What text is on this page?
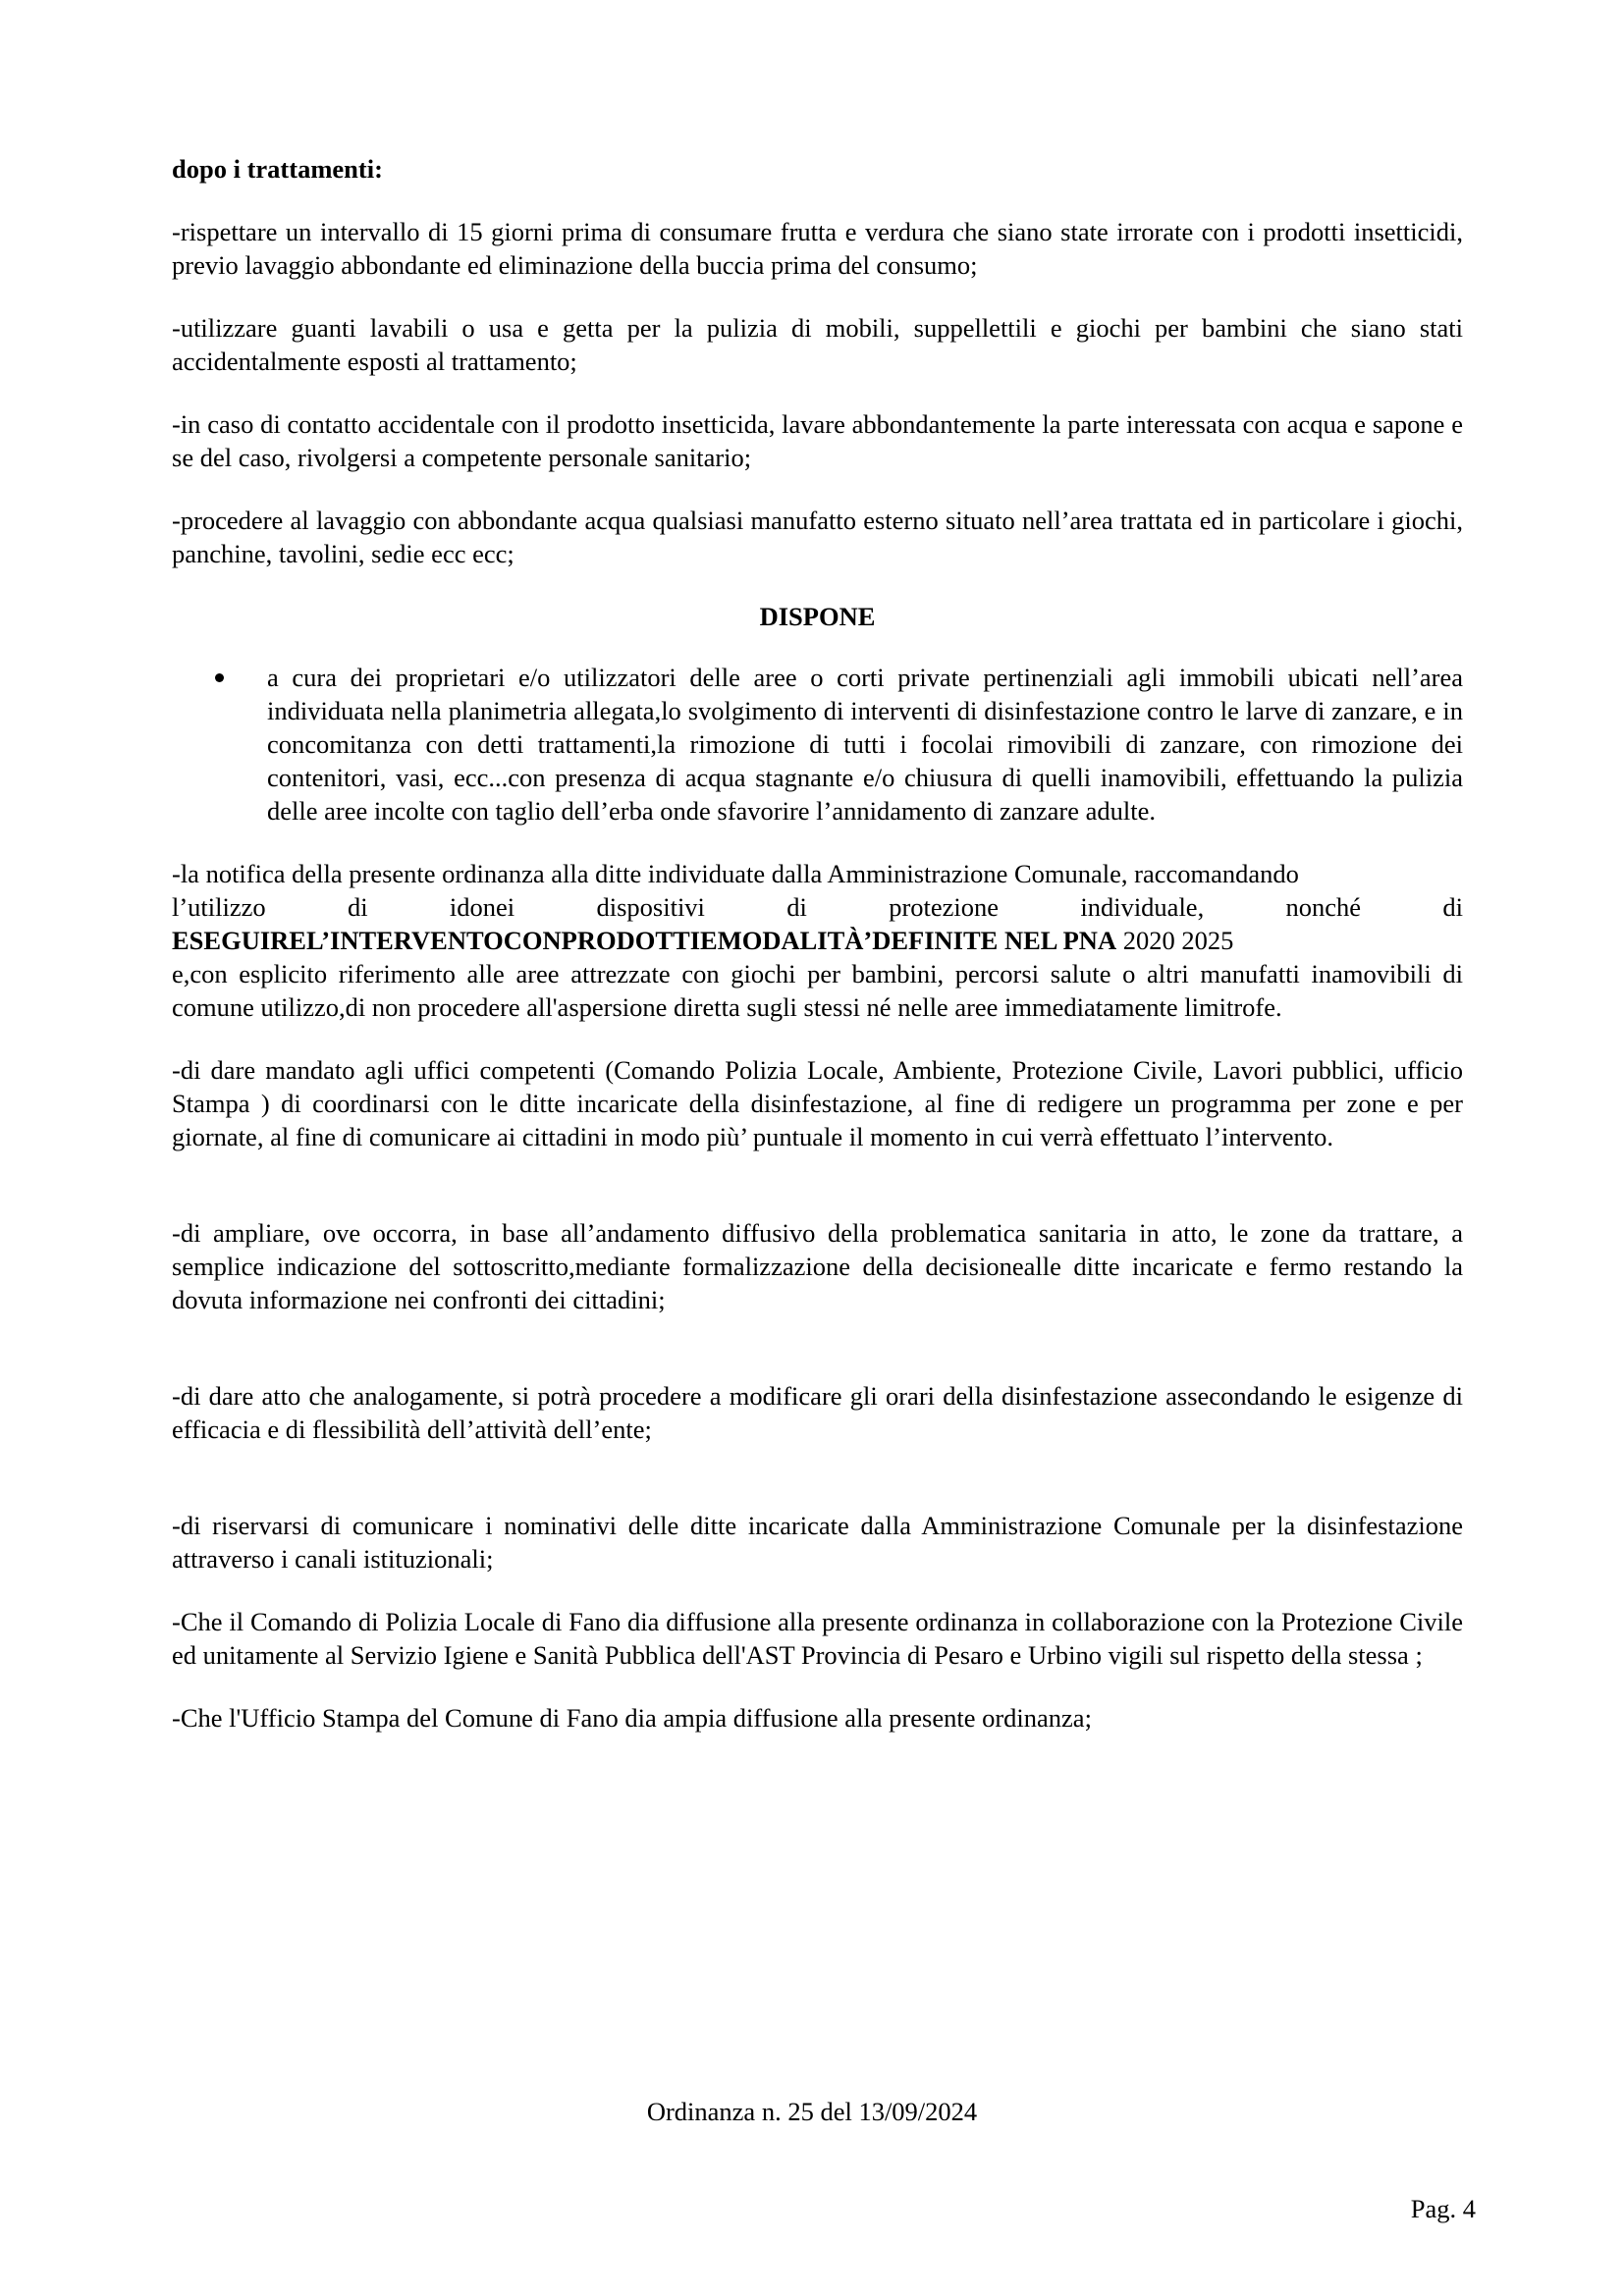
dopo i trattamenti:

-rispettare un intervallo di 15 giorni prima di consumare frutta e verdura che siano state irrorate con i prodotti insetticidi, previo lavaggio abbondante ed eliminazione della buccia prima del consumo;

-utilizzare guanti lavabili o usa e getta per la pulizia di mobili, suppellettili e giochi per bambini che siano stati accidentalmente esposti al trattamento;

-in caso di contatto accidentale con il prodotto insetticida, lavare abbondantemente la parte interessata con acqua e sapone e se del caso, rivolgersi a competente personale sanitario;

-procedere al lavaggio con abbondante acqua qualsiasi manufatto esterno situato nell’area trattata ed in particolare i giochi, panchine, tavolini, sedie ecc ecc;

DISPONE

a cura dei proprietari e/o utilizzatori delle aree o corti private pertinenziali agli immobili ubicati nell’area individuata nella planimetria allegata,lo svolgimento di interventi di disinfestazione contro le larve di zanzare, e in concomitanza con detti trattamenti,la rimozione di tutti i focolai rimovibili di zanzare, con rimozione dei contenitori, vasi, ecc...con presenza di acqua stagnante e/o chiusura di quelli inamovibili, effettuando la pulizia delle aree incolte con taglio dell’erba onde sfavorire l’annidamento di zanzare adulte.
-la notifica della presente ordinanza alla ditte individuate dalla Amministrazione Comunale, raccomandando
l’utilizzo	di	idonei	dispositivi	di	protezione	individuale,	nonché	di
ESEGUIREL’INTERVENTOCONPRODOTTIEMODALITÀ’DEFINITE NEL PNA 2020 2025
e,con esplicito riferimento alle aree attrezzate con giochi per bambini, percorsi salute o altri manufatti inamovibili di comune utilizzo,di non procedere all'aspersione diretta sugli stessi né nelle aree immediatamente limitrofe.

-di dare mandato agli uffici competenti (Comando Polizia Locale, Ambiente, Protezione Civile, Lavori pubblici, ufficio Stampa ) di coordinarsi con le ditte incaricate della disinfestazione, al fine di redigere un programma per zone e per giornate, al fine di comunicare ai cittadini in modo più’ puntuale il momento in cui verrà effettuato l’intervento.

-di ampliare, ove occorra, in base all’andamento diffusivo della problematica sanitaria in atto, le zone da trattare, a semplice indicazione del sottoscritto,mediante formalizzazione della decisionealle ditte incaricate e fermo restando la dovuta informazione nei confronti dei cittadini;

-di dare atto che analogamente, si potrà procedere a modificare gli orari della disinfestazione assecondando le esigenze di efficacia e di flessibilità dell’attività dell’ente;

-di riservarsi di comunicare i nominativi delle ditte incaricate dalla Amministrazione Comunale per la disinfestazione attraverso i canali istituzionali;

-Che il Comando di Polizia Locale di Fano dia diffusione alla presente ordinanza in collaborazione con la Protezione Civile ed unitamente al Servizio Igiene e Sanità Pubblica dell'AST Provincia di Pesaro e Urbino vigili sul rispetto della stessa ;

-Che l'Ufficio Stampa del Comune di Fano dia ampia diffusione alla presente ordinanza;

Ordinanza n. 25 del 13/09/2024
Pag. 4
